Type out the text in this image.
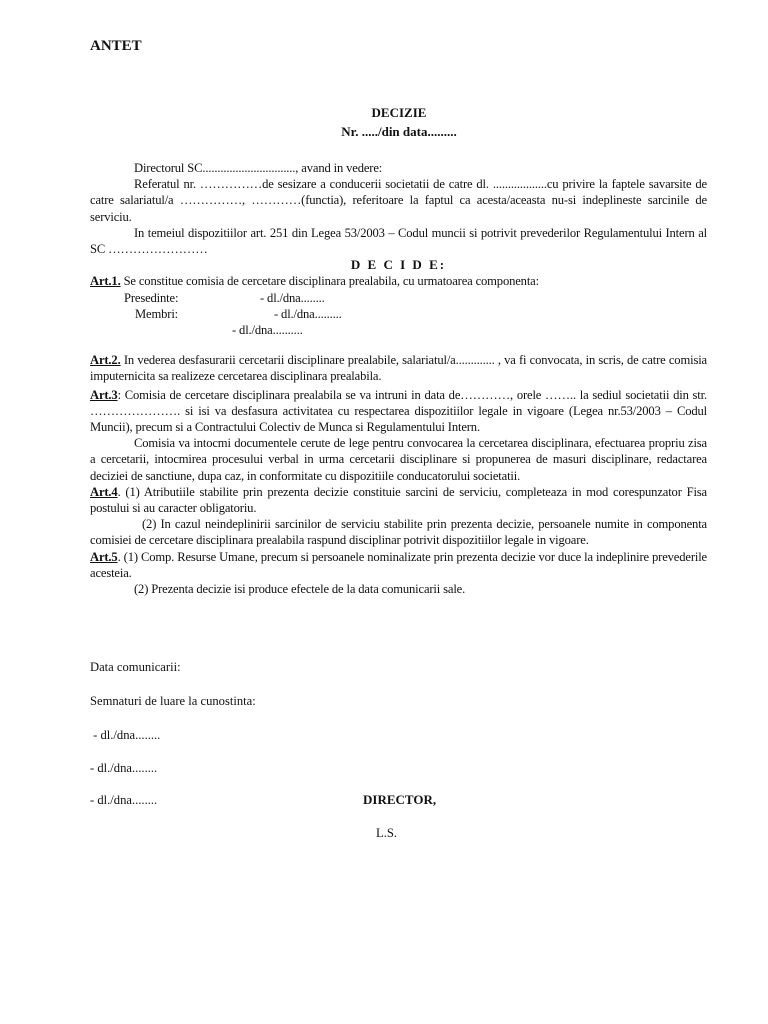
ANTET
DECIZIE
Nr. ...../din data.........

Directorul SC..............................., avand in vedere:

Referatul nr. ……………de sesizare a conducerii societatii de catre dl. ..................cu privire la faptele savarsite de catre salariatul/a ……………, …………(functia), referitoare la faptul ca acesta/aceasta nu-si indeplineste sarcinile de serviciu.

In temeiul dispozitiilor art. 251 din Legea 53/2003 – Codul muncii si potrivit prevederilor Regulamentului Intern al SC ……………………

D E C I D E:

Art.1. Se constitue comisia de cercetare disciplinara prealabila, cu urmatoarea componenta:

Presedinte:	- dl./dna........
Membri:	- dl./dna.........
- dl./dna..........

Art.2. In vederea desfasurarii cercetarii disciplinare prealabile, salariatul/a............. , va fi convocata, in scris, de catre comisia imputernicita sa realizeze cercetarea disciplinara prealabila.

Art.3: Comisia de cercetare disciplinara prealabila se va intruni in data de…………, orele …….. la sediul societatii din str. …………………. si isi va desfasura activitatea cu respectarea dispozitiilor legale in vigoare (Legea nr.53/2003 – Codul Muncii), precum si a Contractului Colectiv de Munca si Regulamentului Intern.

Comisia va intocmi documentele cerute de lege pentru convocarea la cercetarea disciplinara, efectuarea propriu zisa a cercetarii, intocmirea procesului verbal in urma cercetarii disciplinare si propunerea de masuri disciplinare, redactarea deciziei de sanctiune, dupa caz, in conformitate cu dispozitiile conducatorului societatii.

Art.4. (1) Atributiile stabilite prin prezenta decizie constituie sarcini de serviciu, completeaza in mod corespunzator Fisa postului si au caracter obligatoriu.

(2) In cazul neindeplinirii sarcinilor de serviciu stabilite prin prezenta decizie, persoanele numite in componenta comisiei de cercetare disciplinara prealabila raspund disciplinar potrivit dispozitiilor legale in vigoare.

Art.5. (1) Comp. Resurse Umane, precum si persoanele nominalizate prin prezenta decizie vor duce la indeplinire prevederile acesteia.

(2) Prezenta decizie isi produce efectele de la data comunicarii sale.

Data comunicarii:
Semnaturi de luare la cunostinta:
- dl./dna........
- dl./dna........
- dl./dna........	DIRECTOR,
L.S.
